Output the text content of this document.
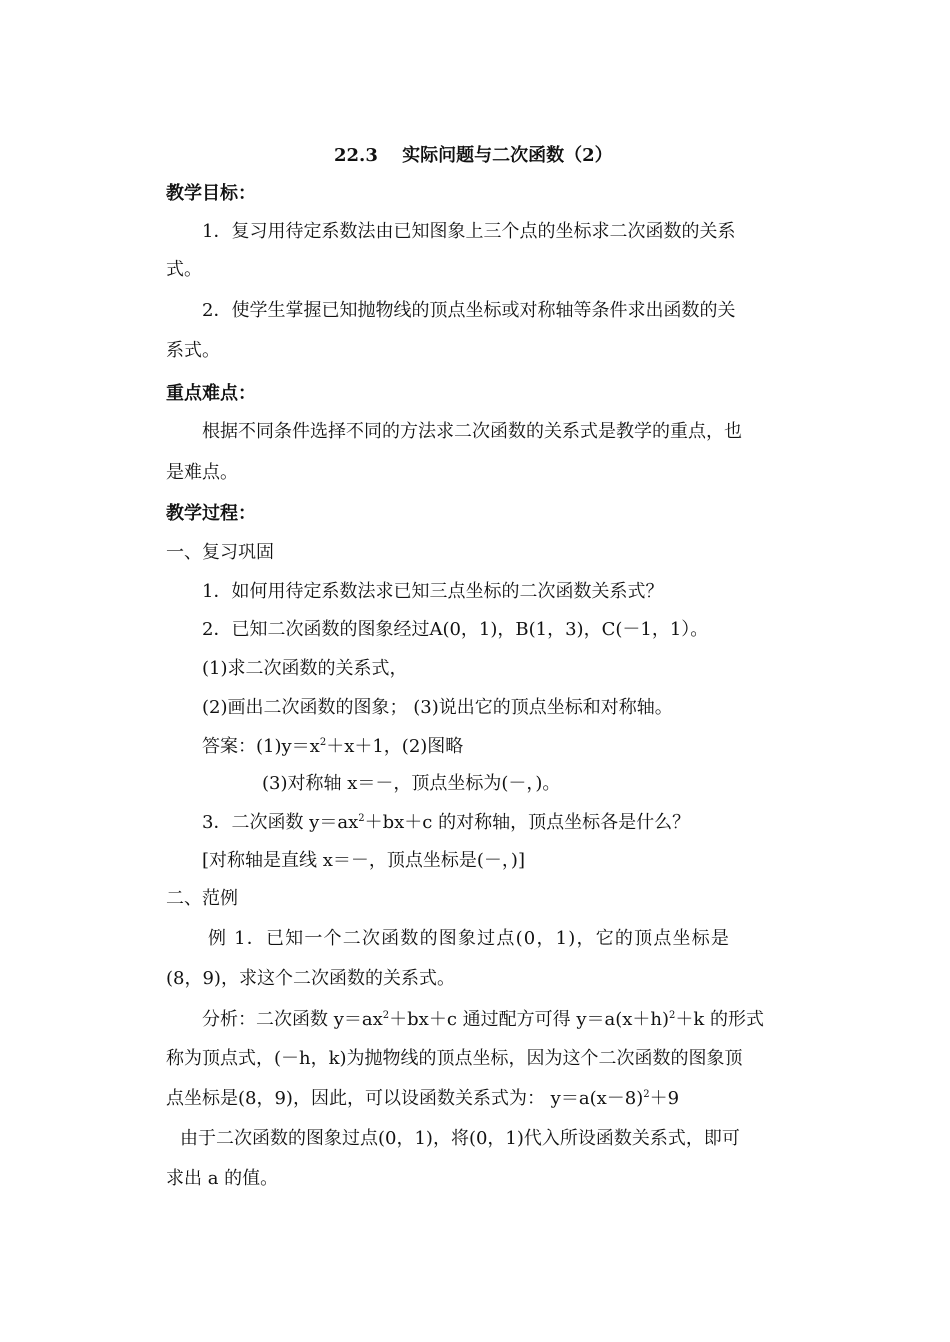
22.3　 实际问题与二次函数（2）
教学目标：
1．复习用待定系数法由已知图象上三个点的坐标求二次函数的关系
式。
2．使学生掌握已知抛物线的顶点坐标或对称轴等条件求出函数的关
系式。
重点难点：
根据不同条件选择不同的方法求二次函数的关系式是教学的重点，也
是难点。
教学过程：
一、复习巩固
1．如何用待定系数法求已知三点坐标的二次函数关系式？
2．已知二次函数的图象经过A(0，1)，B(1，3)，C(－1，1）。
(1)求二次函数的关系式，
(2)画出二次函数的图象； (3)说出它的顶点坐标和对称轴。
答案：$(1)y=x^2+x+1$，(2)图略
(3)对称轴 x＝－，顶点坐标为(－，)。
3．二次函数 $y=ax^2+bx+c$ 的对称轴，顶点坐标各是什么？
[对称轴是直线 x＝－，顶点坐标是(－，)]
二、范例
例 1．已知一个二次函数的图象过点(0，1)，它的顶点坐标是
(8，9)，求这个二次函数的关系式。
分析：二次函数 $y=ax^2+bx+c$ 通过配方可得 $y=a(x+h)^2+k$ 的形式
称为顶点式，(－h，k)为抛物线的顶点坐标，因为这个二次函数的图象顶
点坐标是(8，9)，因此，可以设函数关系式为： $y=a(x-8)^2+9$
由于二次函数的图象过点(0，1)，将(0，1)代入所设函数关系式，即可
求出 a 的值。
